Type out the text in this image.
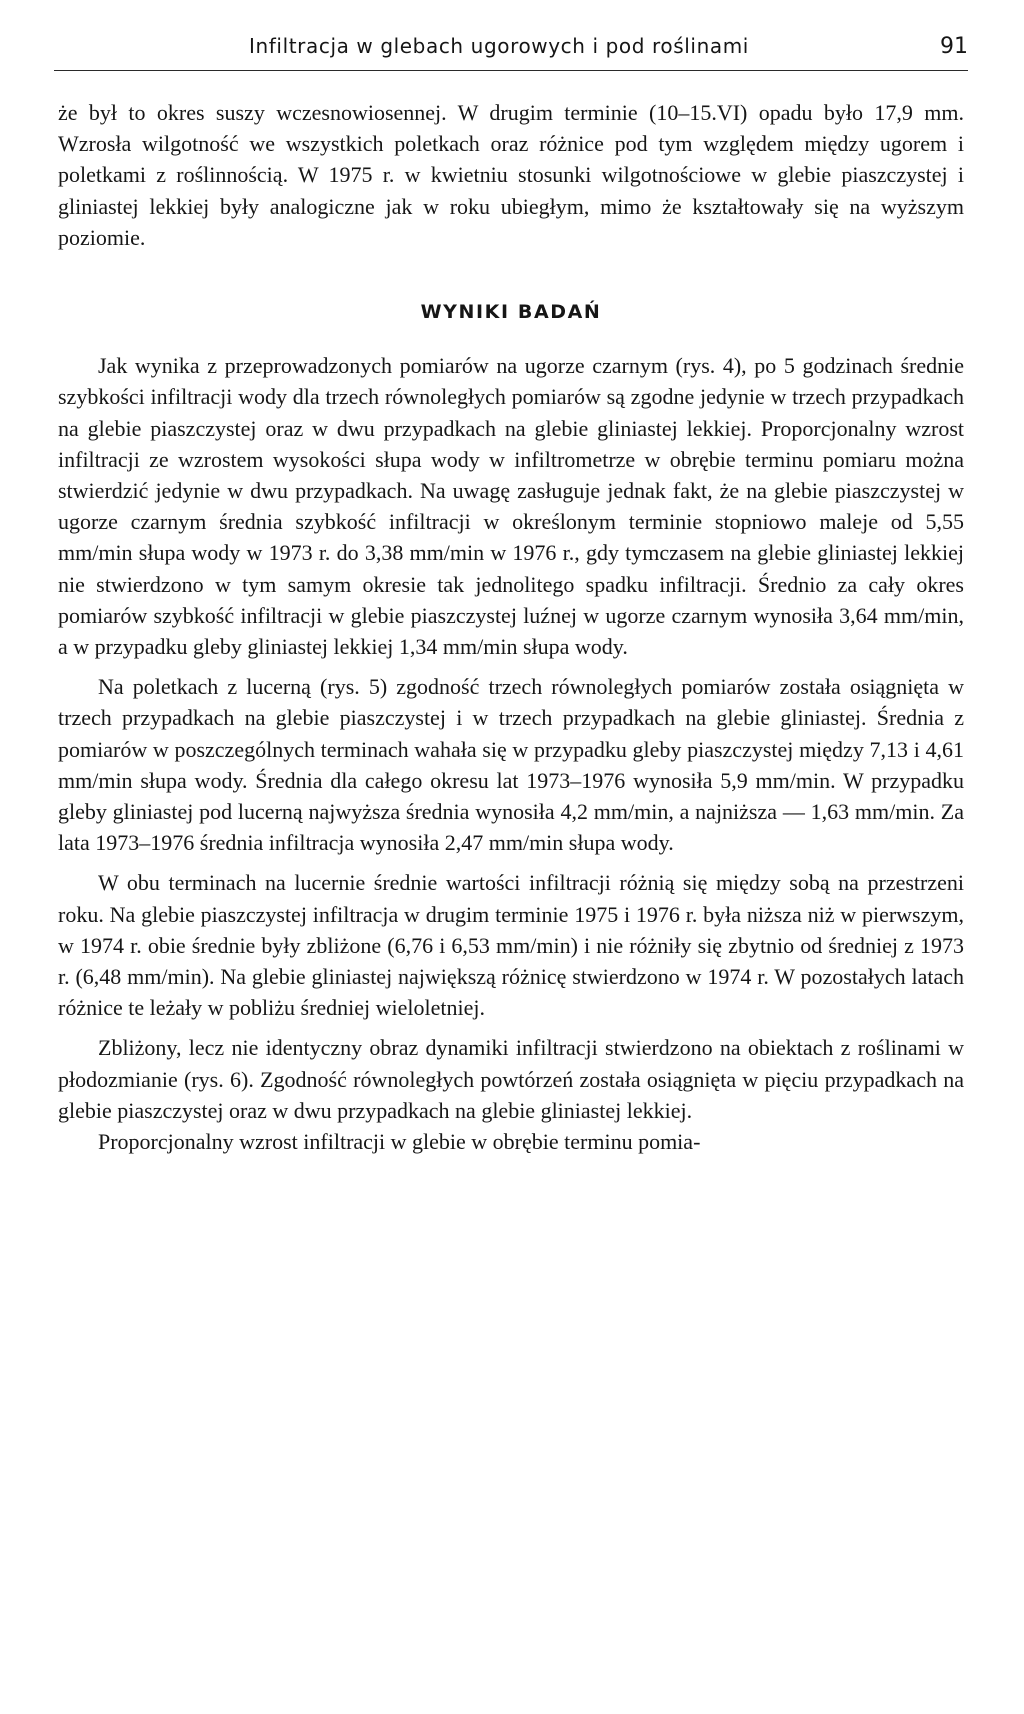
Infiltracja w glebach ugorowych i pod roślinami	91

że był to okres suszy wczesnowiosennej. W drugim terminie (10–15.VI) opadu było 17,9 mm. Wzrosła wilgotność we wszystkich poletkach oraz różnice pod tym względem między ugorem i poletkami z roślinnością. W 1975 r. w kwietniu stosunki wilgotnościowe w glebie piaszczystej i gliniastej lekkiej były analogiczne jak w roku ubiegłym, mimo że kształtowały się na wyższym poziomie.

WYNIKI BADAŃ

Jak wynika z przeprowadzonych pomiarów na ugorze czarnym (rys. 4), po 5 godzinach średnie szybkości infiltracji wody dla trzech równoległych pomiarów są zgodne jedynie w trzech przypadkach na glebie piaszczystej oraz w dwu przypadkach na glebie gliniastej lekkiej. Proporcjonalny wzrost infiltracji ze wzrostem wysokości słupa wody w infiltrometrze w obrębie terminu pomiaru można stwierdzić jedynie w dwu przypadkach. Na uwagę zasługuje jednak fakt, że na glebie piaszczystej w ugorze czarnym średnia szybkość infiltracji w określonym terminie stopniowo maleje od 5,55 mm/min słupa wody w 1973 r. do 3,38 mm/min w 1976 r., gdy tymczasem na glebie gliniastej lekkiej nie stwierdzono w tym samym okresie tak jednolitego spadku infiltracji. Średnio za cały okres pomiarów szybkość infiltracji w glebie piaszczystej luźnej w ugorze czarnym wynosiła 3,64 mm/min, a w przypadku gleby gliniastej lekkiej 1,34 mm/min słupa wody.

Na poletkach z lucerną (rys. 5) zgodność trzech równoległych pomiarów została osiągnięta w trzech przypadkach na glebie piaszczystej i w trzech przypadkach na glebie gliniastej. Średnia z pomiarów w poszczególnych terminach wahała się w przypadku gleby piaszczystej między 7,13 i 4,61 mm/min słupa wody. Średnia dla całego okresu lat 1973–1976 wynosiła 5,9 mm/min. W przypadku gleby gliniastej pod lucerną najwyższa średnia wynosiła 4,2 mm/min, a najniższa — 1,63 mm/min. Za lata 1973–1976 średnia infiltracja wynosiła 2,47 mm/min słupa wody.

W obu terminach na lucernie średnie wartości infiltracji różnią się między sobą na przestrzeni roku. Na glebie piaszczystej infiltracja w drugim terminie 1975 i 1976 r. była niższa niż w pierwszym, w 1974 r. obie średnie były zbliżone (6,76 i 6,53 mm/min) i nie różniły się zbytnio od średniej z 1973 r. (6,48 mm/min). Na glebie gliniastej największą różnicę stwierdzono w 1974 r. W pozostałych latach różnice te leżały w pobliżu średniej wieloletniej.

Zbliżony, lecz nie identyczny obraz dynamiki infiltracji stwierdzono na obiektach z roślinami w płodozmianie (rys. 6). Zgodność równoległych powtórzeń została osiągnięta w pięciu przypadkach na glebie piaszczystej oraz w dwu przypadkach na glebie gliniastej lekkiej.

Proporcjonalny wzrost infiltracji w glebie w obrębie terminu pomia-
